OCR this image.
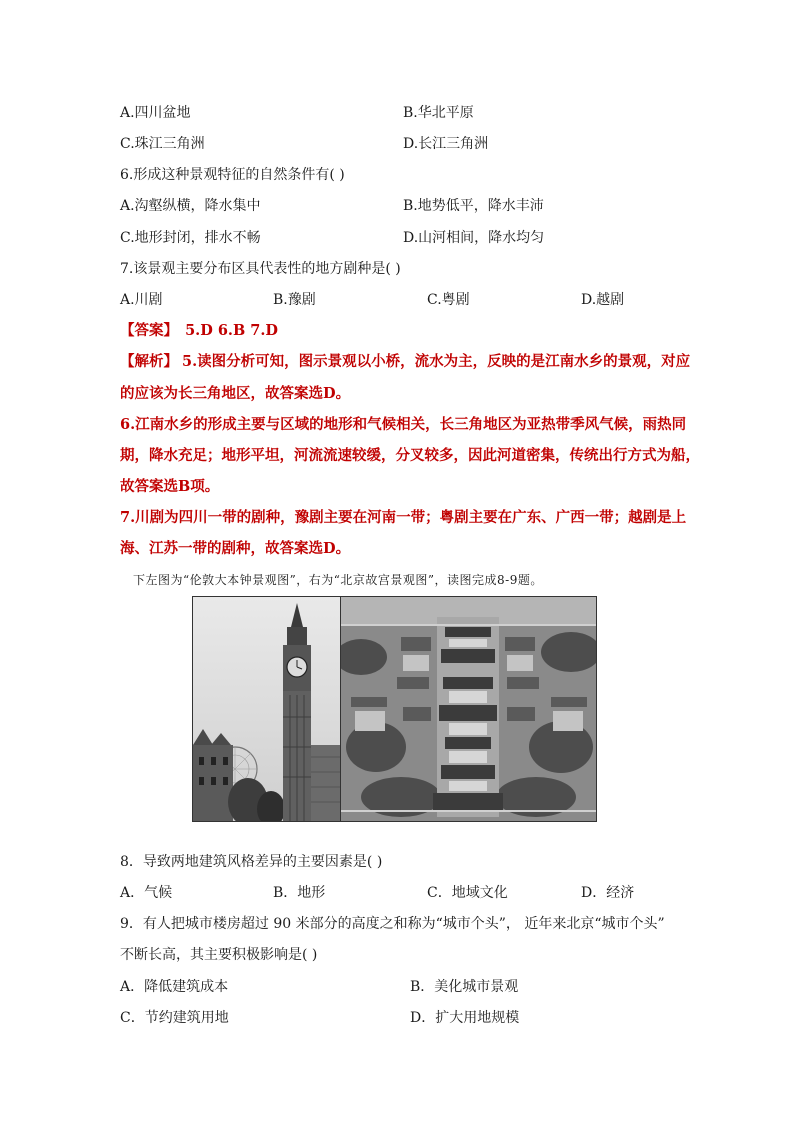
A.四川盆地	B.华北平原
C.珠江三角洲	D.长江三角洲
6.形成这种景观特征的自然条件有( )
A.沟壑纵横，降水集中	B.地势低平，降水丰沛
C.地形封闭，排水不畅	D.山河相间，降水均匀
7.该景观主要分布区具代表性的地方剧种是( )
A.川剧	B.豫剧	C.粤剧	D.越剧
【答案】 5.D 6.B 7.D
【解析】 5.读图分析可知，图示景观以小桥，流水为主，反映的是江南水乡的景观，对应
的应该为长三角地区，故答案选D。
6.江南水乡的形成主要与区域的地形和气候相关，长三角地区为亚热带季风气候，雨热同
期，降水充足；地形平坦，河流流速较缓，分叉较多，因此河道密集，传统出行方式为船，
故答案选B项。
7.川剧为四川一带的剧种，豫剧主要在河南一带；粤剧主要在广东、广西一带；越剧是上
海、江苏一带的剧种，故答案选D。
下左图为“伦敦大本钟景观图”，右为“北京故宫景观图”，读图完成8-9题。
8．导致两地建筑风格差异的主要因素是( )
A．气候	B．地形	C．地域文化	D．经济
9．有人把城市楼房超过 90 米部分的高度之和称为“城市个头”， 近年来北京“城市个头”
不断长高，其主要积极影响是( )
A．降低建筑成本	B．美化城市景观
C．节约建筑用地	D．扩大用地规模
